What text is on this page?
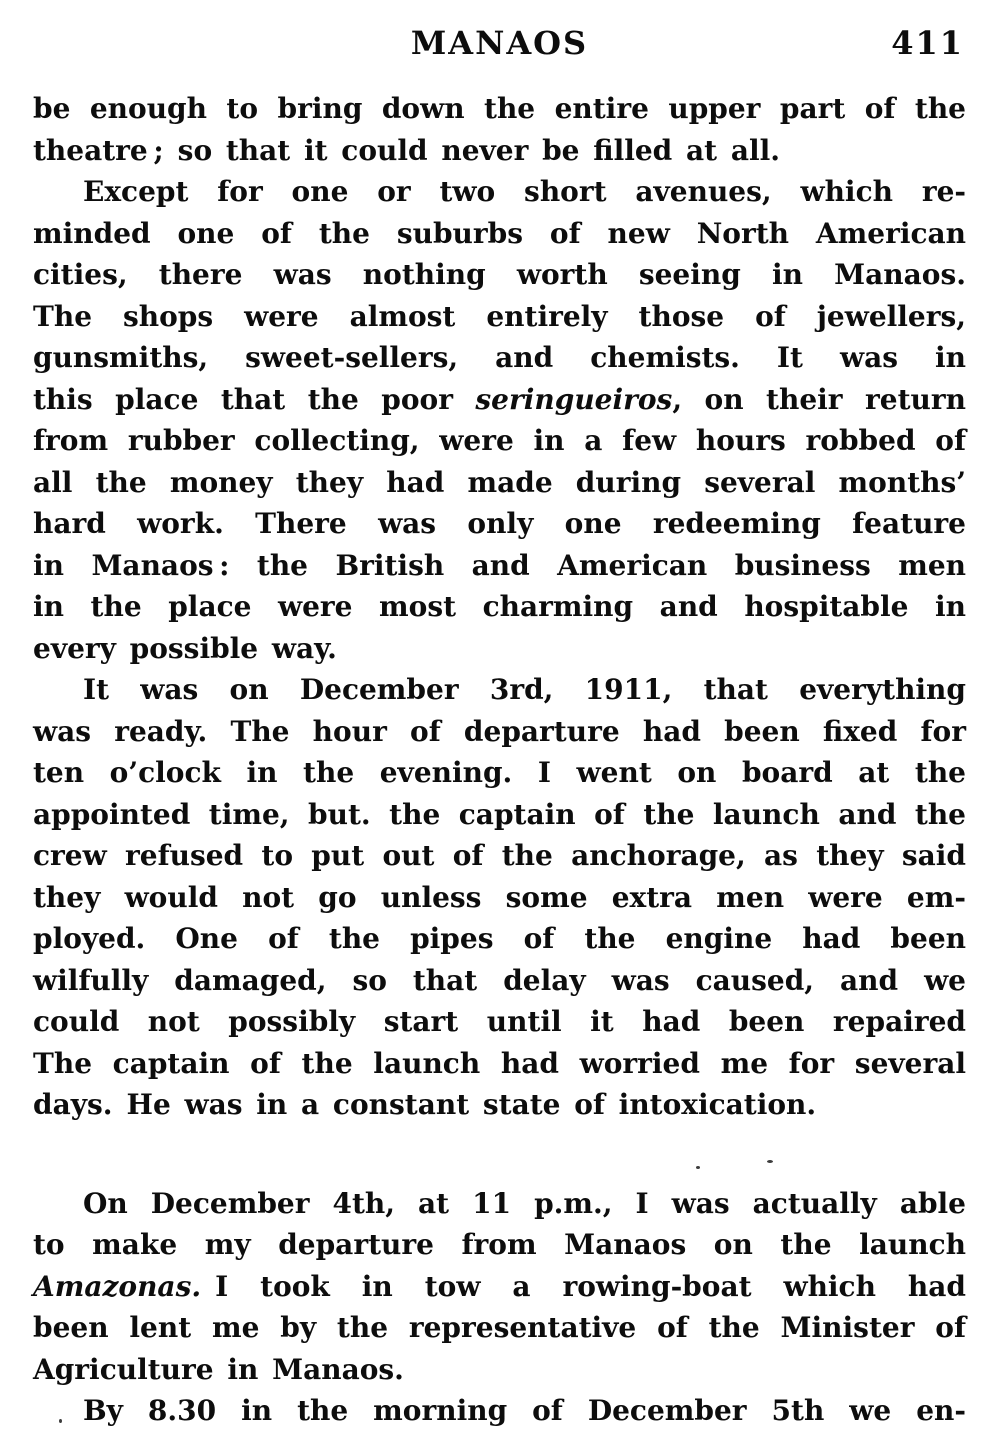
MANAOS	411
be enough to bring down the entire upper part of the
theatre ; so that it could never be filled at all.
Except for one or two short avenues, which re-
minded one of the suburbs of new North American
cities, there was nothing worth seeing in Manaos.
The shops were almost entirely those of jewellers,
gunsmiths, sweet-sellers, and chemists. It was in
this place that the poor seringueiros, on their return
from rubber collecting, were in a few hours robbed of
all the money they had made during several months’
hard work. There was only one redeeming feature
in Manaos : the British and American business men
in the place were most charming and hospitable in
every possible way.
It was on December 3rd, 1911, that everything
was ready. The hour of departure had been fixed for
ten o’clock in the evening. I went on board at the
appointed time, but. the captain of the launch and the
crew refused to put out of the anchorage, as they said
they would not go unless some extra men were em-
ployed. One of the pipes of the engine had been
wilfully damaged, so that delay was caused, and we
could not possibly start until it had been repaired
The captain of the launch had worried me for several
days. He was in a constant state of intoxication.
On December 4th, at 11 p.m., I was actually able
to make my departure from Manaos on the launch
Amazonas. I took in tow a rowing-boat which had
been lent me by the representative of the Minister of
Agriculture in Manaos.
By 8.30 in the morning of December 5th we en-
